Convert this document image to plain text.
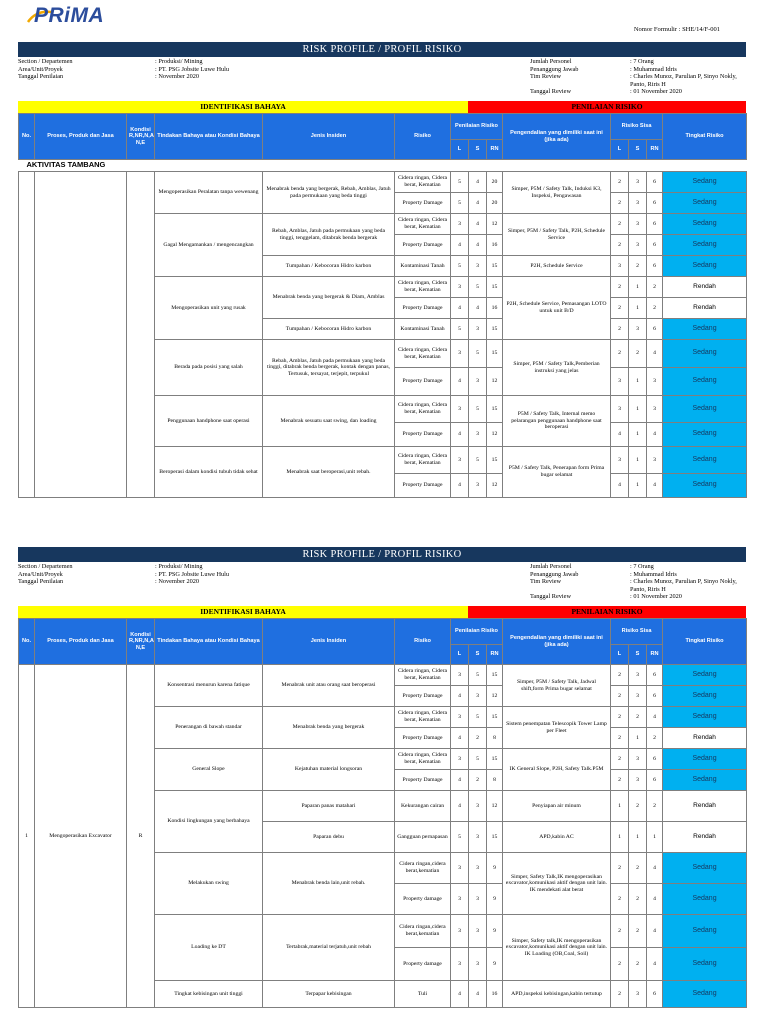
PRiMA
Nomor Formulir : SHE/14/F-001
RISK PROFILE / PROFIL RISIKO
Section / Departemen
Area/Unit/Proyek
Tanggal Penilaian
: Produksi/ Mining
: PT. PSG Jobsite Luwe Hulu
: November 2020
Jumlah Personel
Penanggung Jawab
Tim Review
Tanggal Review
: 7 Orang
: Muhammad Idris
: Charles Munoz, Parulian P, Sinyo Nokly, Panto, Riris H
: 01 November 2020
IDENTIFIKASI BAHAYA	PENILAIAN RISIKO
No.	Proses, Produk dan Jasa	Kondisi R,NR,N,A N,E	Tindakan Bahaya atau Kondisi Bahaya	Jenis Insiden	Risiko	Penilaian Risiko			Pengendalian yang dimiliki saat ini (jika ada)	Risiko Sisa			Tingkat Risiko
						L	S	RN		L	S	RN	
AKTIVITAS TAMBANG													
			Mengoperasikan Peralatan tanpa wewenang	Menabrak benda yang bergerak, Rebah, Amblas, Jatuh pada permukaan yang beda tinggi	Cidera ringan, Cidera berat, Kematian	5	4	20	Simper, P5M / Safety Talk, Induksi K3, Inspeksi, Pengawasan	2	3	6	Sedang
					Property Damage	5	4	20		2	3	6	Sedang
			Gagal Mengamankan / mengencangkan	Rebah, Amblas, Jatuh pada permukaan yang beda tinggi, tenggelam, ditabrak benda bergerak	Cidera ringan, Cidera berat, Kematian	3	4	12	Simper, P5M / Safety Talk, P2H, Schedule Service	2	3	6	Sedang
					Property Damage	4	4	16		2	3	6	Sedang
				Tumpahan / Kebocoran Hidro karbon	Kontaminasi Tanah	5	3	15	P2H, Schedule Service	3	2	6	Sedang
			Mengoperasikan unit yang rusak	Menabrak benda yang bergerak & Diam, Amblas	Cidera ringan, Cidera berat, Kematian	3	5	15	P2H, Schedule Service, Pemasangan LOTO untuk unit B/D	2	1	2	Rendah
					Property Damage	4	4	16		2	1	2	Rendah
				Tumpahan / Kebocoran Hidro karbon	Kontaminasi Tanah	5	3	15		2	3	6	Sedang
			Berada pada posisi yang salah	Rebah, Amblas, Jatuh pada permukaan yang beda tinggi, ditabrak benda bergerak, kontak dengan panas, Tertusuk, tersayat, terjepit, terpukul	Cidera ringan, Cidera berat, Kematian	3	5	15	Simper, P5M / Safety Talk,Pemberian instruksi yang jelas	2	2	4	Sedang
					Property Damage	4	3	12		3	1	3	Sedang
			Penggunaan handphone saat operasi	Menabrak sesuatu saat swing, dan loading	Cidera ringan, Cidera berat, Kematian	3	5	15	P5M / Safety Talk, Internal memo pelarangan penggunaan handphone saat beroperasi	3	1	3	Sedang
					Property Damage	4	3	12		4	1	4	Sedang
			Beroperasi dalam kondisi tubuh tidak sehat	Menabrak saat beroperasi,unit rebah.	Cidera ringan, Cidera berat, Kematian	3	5	15	P5M / Safety Talk, Penerapan form Prima bugar selamat	3	1	3	Sedang
					Property Damage	4	3	12		4	1	4	Sedang
RISK PROFILE / PROFIL RISIKO
Section / Departemen
Area/Unit/Proyek
Tanggal Penilaian
: Produksi/ Mining
: PT. PSG Jobsite Luwe Hulu
: November 2020
Jumlah Personel
Penanggung Jawab
Tim Review
Tanggal Review
: 7 Orang
: Muhammad Idris
: Charles Munoz, Parulian P, Sinyo Nokly, Panto, Riris H
: 01 November 2020
IDENTIFIKASI BAHAYA	PENILAIAN RISIKO
No.	Proses, Produk dan Jasa	Kondisi R,NR,N,A N,E	Tindakan Bahaya atau Kondisi Bahaya	Jenis Insiden	Risiko	Penilaian Risiko			Pengendalian yang dimiliki saat ini (jika ada)	Risiko Sisa			Tingkat Risiko
						L	S	RN		L	S	RN	
1	Mengoperasikan Excavator	R	Konsentrasi menurun karena fatique	Menabrak unit atau orang saat beroperasi	Cidera ringan, Cidera berat, Kematian	3	5	15	Simper, P5M / Safety Talk, Jadwal shift,form Prima bugar selamat	2	3	6	Sedang
					Property Damage	4	3	12		2	3	6	Sedang
			Penerangan di bawah standar	Menabrak benda yang bergerak	Cidera ringan, Cidera berat, Kematian	3	5	15	Sistem penempatan Telescopik Tower Lamp per Fleet	2	2	4	Sedang
					Property Damage	4	2	8		2	1	2	Rendah
			General Slope	Kejatuhan material longsoran	Cidera ringan, Cidera berat, Kematian	3	5	15	IK General Slope, P2H, Safety Talk.P5M	2	3	6	Sedang
					Property Damage	4	2	8		2	3	6	Sedang
			Kondisi lingkungan yang berbahaya	Paparan panas matahari	Kekurangan cairan	4	3	12	Penyiapan air minum	1	2	2	Rendah
				Paparan debu	Gangguan pernapasan	5	3	15	APD,kabin AC	1	1	1	Rendah
			Melakukan swing	Menabrak benda lain,unit rebah.	Cidera ringan,cidera berat,kematian	3	3	9	Simper, Safety Talk,IK mengoperasikan excavator,komunikasi aktif dengan unit lain. IK mendekati alat berat	2	2	4	Sedang
					Property damage	3	3	9		2	2	4	Sedang
			Loading ke DT	Tertabrak,material terjatuh,unit rebah	Cidera ringan,cidera berat,kematian	3	3	9	Simper, Safety talk,IK mengoperasikan excavator,komunikasi aktif dengan unit lain. IK Loading (OB,Coal, Soil)	2	2	4	Sedang
					Property damage	3	3	9		2	2	4	Sedang
			Tingkat kebisingan unit tinggi	Terpapar kebisingan	Tuli	4	4	16	APD,inspeksi kebisingan,kabin tertutup	2	3	6	Sedang
